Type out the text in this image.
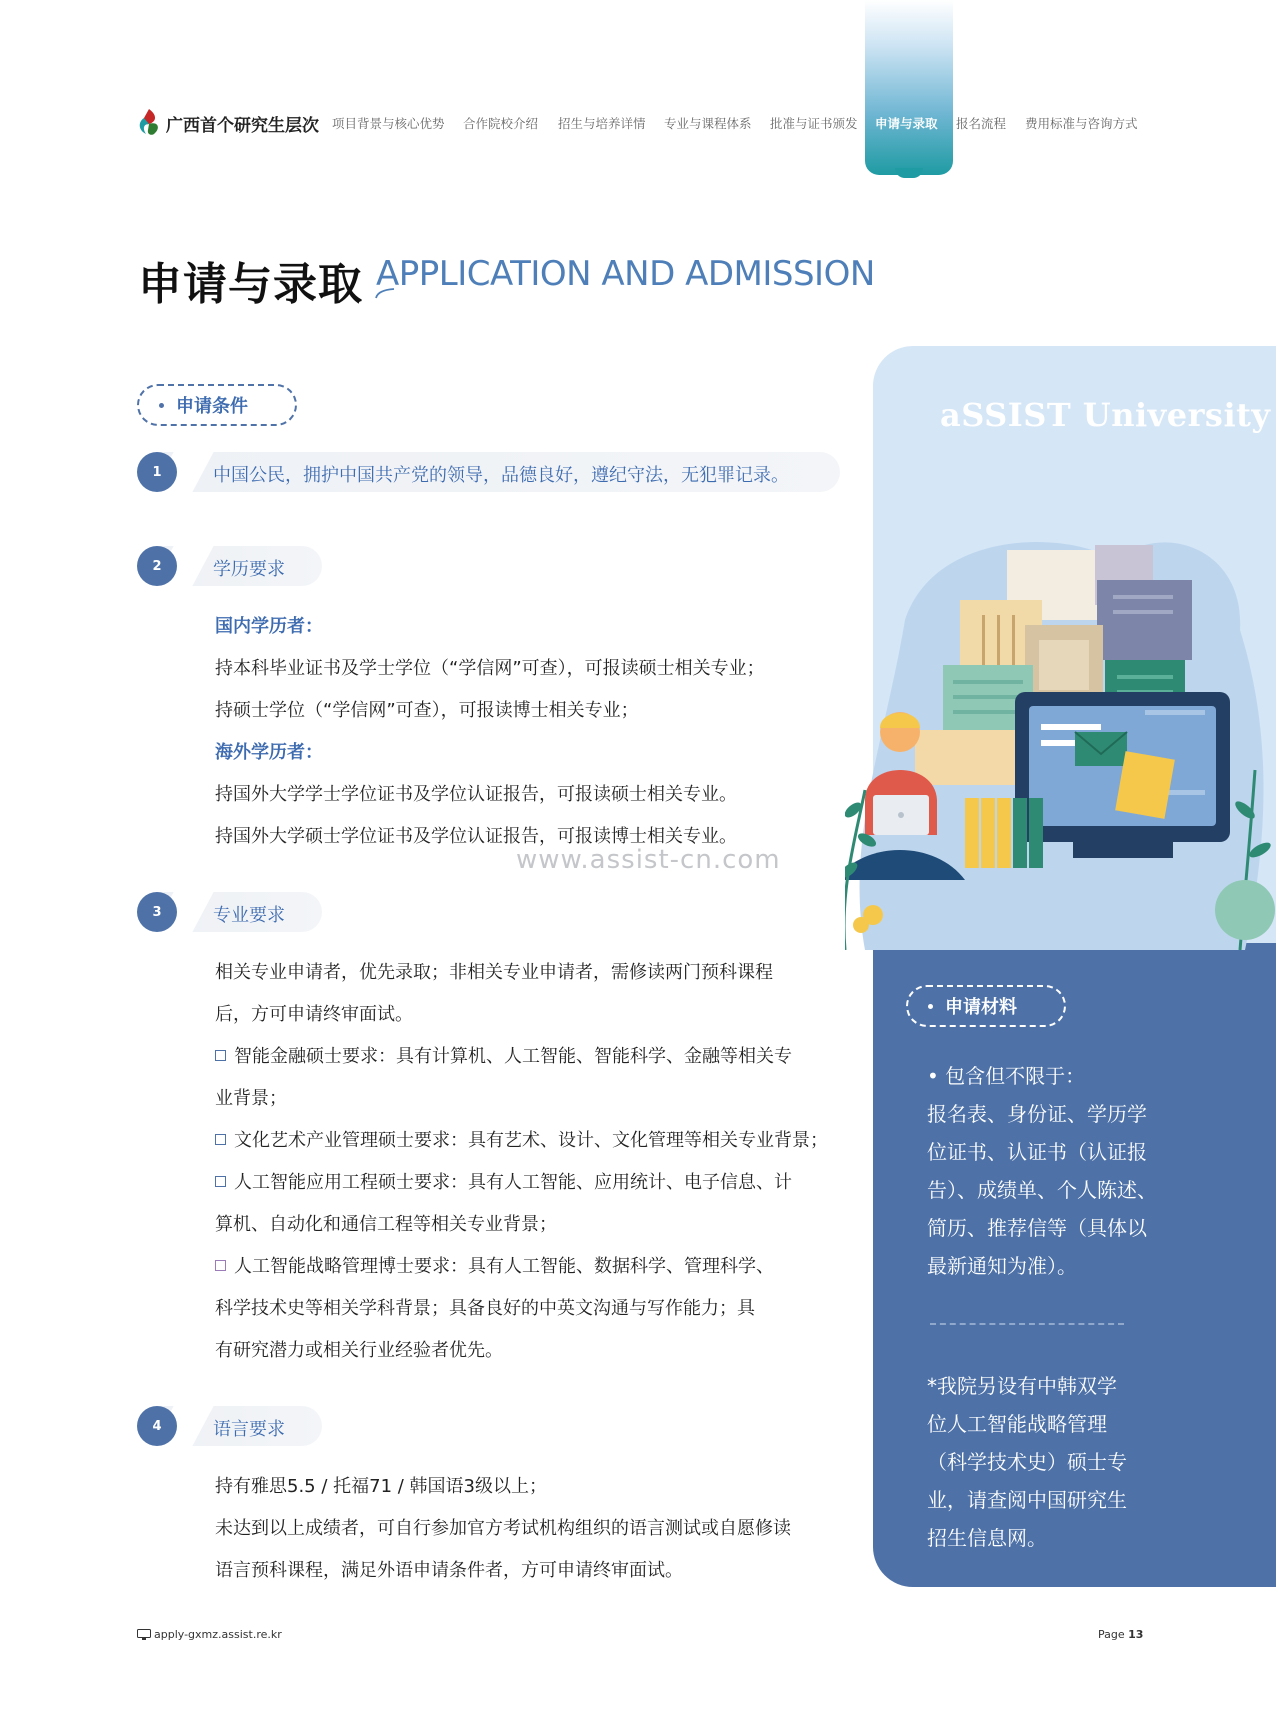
广西首个研究生层次 项目背景与核心优势 合作院校介绍 招生与培养详情 专业与课程体系 批准与证书颁发 申请与录取 报名流程 费用标准与咨询方式
申请与录取 APPLICATION AND ADMISSION
申请条件
1	中国公民，拥护中国共产党的领导，品德良好，遵纪守法，无犯罪记录。
2	学历要求
国内学历者：
持本科毕业证书及学士学位（“学信网”可查），可报读硕士相关专业；
持硕士学位（“学信网”可查），可报读博士相关专业；
海外学历者：
持国外大学学士学位证书及学位认证报告，可报读硕士相关专业。
持国外大学硕士学位证书及学位认证报告，可报读博士相关专业。
www.assist-cn.com
3	专业要求
相关专业申请者，优先录取；非相关专业申请者，需修读两门预科课程
后，方可申请终审面试。
智能金融硕士要求：具有计算机、人工智能、智能科学、金融等相关专
业背景；
文化艺术产业管理硕士要求：具有艺术、设计、文化管理等相关专业背景；
人工智能应用工程硕士要求：具有人工智能、应用统计、电子信息、计
算机、自动化和通信工程等相关专业背景；
人工智能战略管理博士要求：具有人工智能、数据科学、管理科学、
科学技术史等相关学科背景；具备良好的中英文沟通与写作能力；具
有研究潜力或相关行业经验者优先。
4	语言要求
持有雅思5.5 / 托福71 / 韩国语3级以上；
未达到以上成绩者，可自行参加官方考试机构组织的语言测试或自愿修读
语言预科课程，满足外语申请条件者，方可申请终审面试。
aSSIST University
申请材料
• 包含但不限于：
报名表、身份证、学历学
位证书、认证书（认证报
告）、成绩单、个人陈述、
简历、推荐信等（具体以
最新通知为准）。
*我院另设有中韩双学
位人工智能战略管理
（科学技术史）硕士专
业，请查阅中国研究生
招生信息网。
apply-gxmz.assist.re.kr	Page 13
